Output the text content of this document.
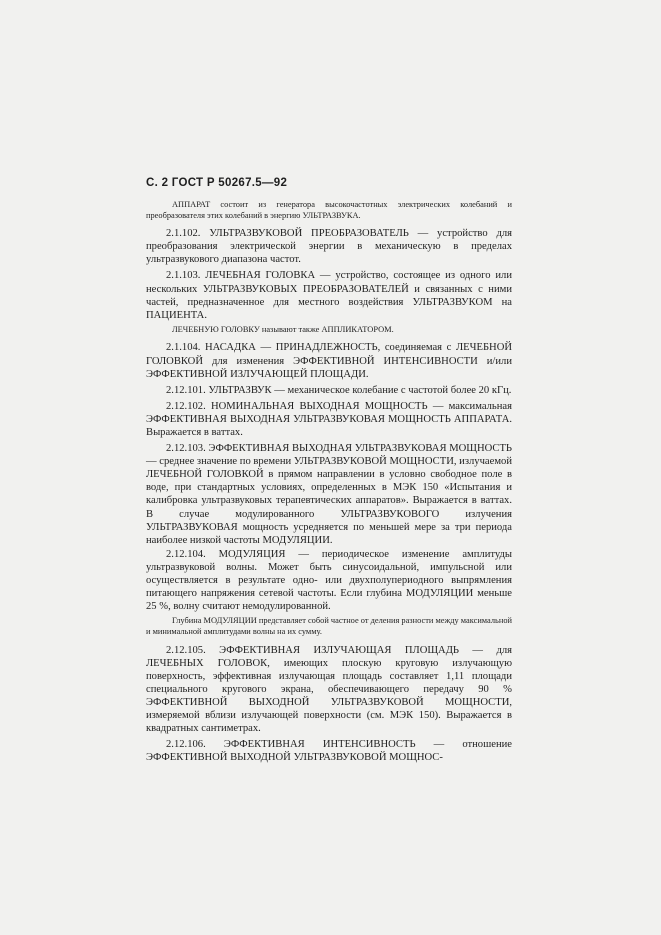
С. 2 ГОСТ Р 50267.5—92

АППАРАТ состоит из генератора высокочастотных электрических колебаний и преобразователя этих колебаний в энергию УЛЬТРАЗВУКА.

2.1.102. УЛЬТРАЗВУКОВОЙ ПРЕОБРАЗОВАТЕЛЬ — устройство для преобразования электрической энергии в механическую в пределах ультразвукового диапазона частот.

2.1.103. ЛЕЧЕБНАЯ ГОЛОВКА — устройство, состоящее из одного или нескольких УЛЬТРАЗВУКОВЫХ ПРЕОБРАЗОВАТЕЛЕЙ и связанных с ними частей, предназначенное для местного воздействия УЛЬТРАЗВУКОМ на ПАЦИЕНТА.

ЛЕЧЕБНУЮ ГОЛОВКУ называют также АППЛИКАТОРОМ.

2.1.104. НАСАДКА — ПРИНАДЛЕЖНОСТЬ, соединяемая с ЛЕЧЕБНОЙ ГОЛОВКОЙ для изменения ЭФФЕКТИВНОЙ ИНТЕНСИВНОСТИ и/или ЭФФЕКТИВНОЙ ИЗЛУЧАЮЩЕЙ ПЛОЩАДИ.

2.12.101. УЛЬТРАЗВУК — механическое колебание с частотой более 20 кГц.

2.12.102. НОМИНАЛЬНАЯ ВЫХОДНАЯ МОЩНОСТЬ — максимальная ЭФФЕКТИВНАЯ ВЫХОДНАЯ УЛЬТРАЗВУКОВАЯ МОЩНОСТЬ АППАРАТА. Выражается в ваттах.

2.12.103. ЭФФЕКТИВНАЯ ВЫХОДНАЯ УЛЬТРАЗВУКОВАЯ МОЩНОСТЬ — среднее значение по времени УЛЬТРАЗВУКОВОЙ МОЩНОСТИ, излучаемой ЛЕЧЕБНОЙ ГОЛОВКОЙ в прямом направлении в условно свободное поле в воде, при стандартных условиях, определенных в МЭК 150 «Испытания и калибровка ультразвуковых терапевтических аппаратов». Выражается в ваттах. В случае модулированного УЛЬТРАЗВУКОВОГО излучения УЛЬТРАЗВУКОВАЯ мощность усредняется по меньшей мере за три периода наиболее низкой частоты МОДУЛЯЦИИ.

2.12.104. МОДУЛЯЦИЯ — периодическое изменение амплитуды ультразвуковой волны. Может быть синусоидальной, импульсной или осуществляется в результате одно- или двухполупериодного выпрямления питающего напряжения сетевой частоты. Если глубина МОДУЛЯЦИИ меньше 25 %, волну считают немодулированной.

Глубина МОДУЛЯЦИИ представляет собой частное от деления разности между максимальной и минимальной амплитудами волны на их сумму.

2.12.105. ЭФФЕКТИВНАЯ ИЗЛУЧАЮЩАЯ ПЛОЩАДЬ — для ЛЕЧЕБНЫХ ГОЛОВОК, имеющих плоскую круговую излучающую поверхность, эффективная излучающая площадь составляет 1,11 площади специального кругового экрана, обеспечивающего передачу 90 % ЭФФЕКТИВНОЙ ВЫХОДНОЙ УЛЬТРАЗВУКОВОЙ МОЩНОСТИ, измеряемой вблизи излучающей поверхности (см. МЭК 150). Выражается в квадратных сантиметрах.

2.12.106. ЭФФЕКТИВНАЯ ИНТЕНСИВНОСТЬ — отношение ЭФФЕКТИВНОЙ ВЫХОДНОЙ УЛЬТРАЗВУКОВОЙ МОЩНОС-
